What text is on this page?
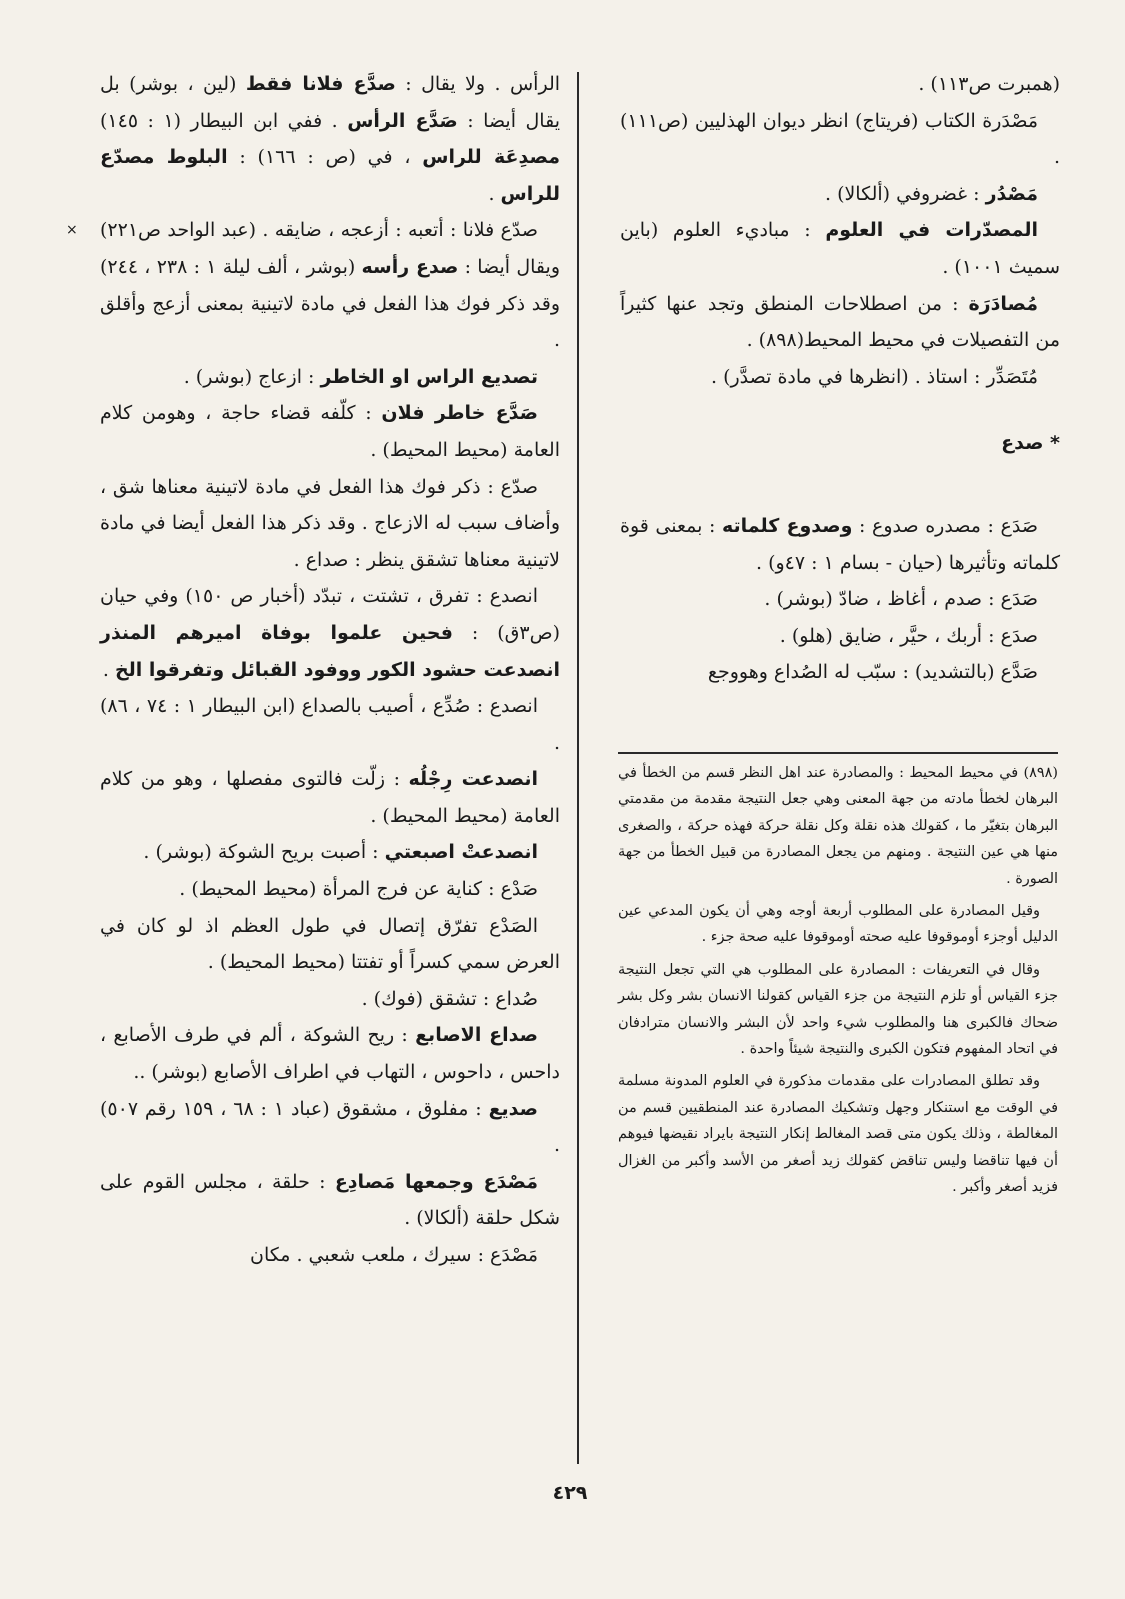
(همبرت ص١١٣) .

مَصْدَرة الكتاب (فريتاج) انظر ديوان الهذليين (ص١١١) .

مَصْدُر : غضروفي (ألكالا) .

المصدّرات في العلوم : مباديء العلوم (باين سميث ١٠٠١) .

مُصادَرَة : من اصطلاحات المنطق وتجد عنها كثيراً من التفصيلات في محيط المحيط(٨٩٨) .

مُتَصَدِّر : استاذ . (انظرها في مادة تصدَّر) .

* صدع

صَدَع : مصدره صدوع : وصدوع كلماته : بمعنى قوة كلماته وتأثيرها (حيان - بسام ١ : ٤٧و) .

صَدَع : صدم ، أغاظ ، ضادّ (بوشر) .

صدَع : أربك ، حيَّر ، ضايق (هلو) .

صَدَّع (بالتشديد) : سبّب له الصُداع وهووجع

(٨٩٨) في محيط المحيط : والمصادرة عند اهل النظر قسم من الخطأ في البرهان لخطأ مادته من جهة المعنى وهي جعل النتيجة مقدمة من مقدمتي البرهان بتغيّر ما ، كقولك هذه نقلة وكل نقلة حركة فهذه حركة ، والصغرى منها هي عين النتيجة . ومنهم من يجعل المصادرة من قبيل الخطأ من جهة الصورة .

وقيل المصادرة على المطلوب أربعة أوجه وهي أن يكون المدعي عين الدليل أوجزء أوموقوفا عليه صحته أوموقوفا عليه صحة جزء .

وقال في التعريفات : المصادرة على المطلوب هي التي تجعل النتيجة جزء القياس أو تلزم النتيجة من جزء القياس كقولنا الانسان بشر وكل بشر ضحاك فالكبرى هنا والمطلوب شيء واحد لأن البشر والانسان مترادفان في اتحاد المفهوم فتكون الكبرى والنتيجة شيئاً واحدة .

وقد تطلق المصادرات على مقدمات مذكورة في العلوم المدونة مسلمة في الوقت مع استنكار وجهل وتشكيك المصادرة عند المنطقيين قسم من المغالطة ، وذلك يكون متى قصد المغالط إنكار النتيجة بايراد نقيضها فيوهم أن فيها تناقضا وليس تناقض كقولك زيد أصغر من الأسد وأكبر من الغزال فزيد أصغر وأكبر .

الرأس . ولا يقال : صدَّع فلانا فقط (لين ، بوشر) بل يقال أيضا : صَدَّع الرأس . ففي ابن البيطار (١ : ١٤٥) مصدِعَة للراس ، في (ص : ١٦٦) : البلوط مصدّع للراس .

صدّع فلانا : أتعبه : أزعجه ، ضايقه . (عبد الواحد ص٢٢١) ويقال أيضا : صدع رأسه (بوشر ، ألف ليلة ١ : ٢٣٨ ، ٢٤٤) وقد ذكر فوك هذا الفعل في مادة لاتينية بمعنى أزعج وأقلق .

تصديع الراس او الخاطر : ازعاج (بوشر) .

صَدَّع خاطر فلان : كلّفه قضاء حاجة ، وهومن كلام العامة (محيط المحيط) .

صدّع : ذكر فوك هذا الفعل في مادة لاتينية معناها شق ، وأضاف سبب له الازعاج . وقد ذكر هذا الفعل أيضا في مادة لاتينية معناها تشقق ينظر : صداع .

انصدع : تفرق ، تشتت ، تبدّد (أخبار ص ١٥٠) وفي حيان (ص٣ق) : فحين علموا بوفاة اميرهم المنذر انصدعت حشود الكور ووفود القبائل وتفرقوا الخ .

انصدع : صُدِّع ، أصيب بالصداع (ابن البيطار ١ : ٧٤ ، ٨٦) .

انصدعت رِجْلُه : زلّت فالتوى مفصلها ، وهو من كلام العامة (محيط المحيط) .

انصدعتْ اصبعتي : أصبت بريح الشوكة (بوشر) .

صَدْع : كناية عن فرج المرأة (محيط المحيط) .

الصَدْع تفرّق إتصال في طول العظم اذ لو كان في العرض سمي كسراً أو تفتتا (محيط المحيط) .

صُداع : تشقق (فوك) .

صداع الاصابع : ريح الشوكة ، ألم في طرف الأصابع ، داحس ، داحوس ، التهاب في اطراف الأصابع (بوشر) ..

صديع : مفلوق ، مشقوق (عباد ١ : ٦٨ ، ١٥٩ رقم ٥٠٧) .

مَصْدَع وجمعها مَصادِع : حلقة ، مجلس القوم على شكل حلقة (ألكالا) .

مَصْدَع : سيرك ، ملعب شعبي . مكان

×
٤٢٩
